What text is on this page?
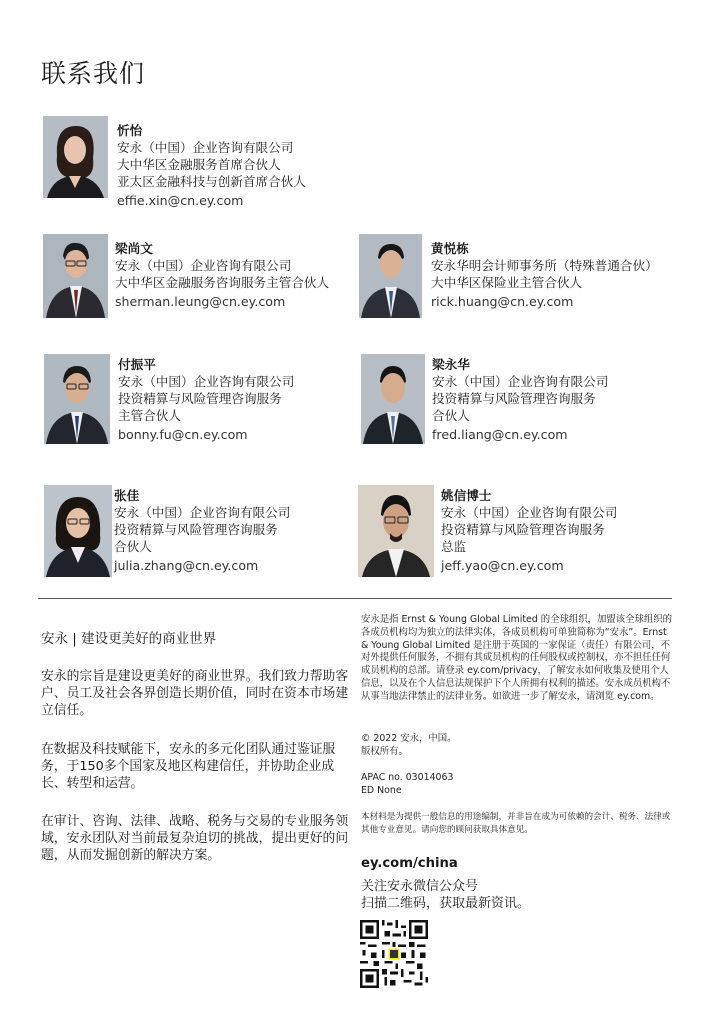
联系我们
忻怡
安永（中国）企业咨询有限公司
大中华区金融服务首席合伙人
亚太区金融科技与创新首席合伙人
effie.xin@cn.ey.com
梁尚文
安永（中国）企业咨询有限公司
大中华区金融服务咨询服务主管合伙人
sherman.leung@cn.ey.com
黄悦栋
安永华明会计师事务所（特殊普通合伙）
大中华区保险业主管合伙人
rick.huang@cn.ey.com
付振平
安永（中国）企业咨询有限公司
投资精算与风险管理咨询服务
主管合伙人
bonny.fu@cn.ey.com
梁永华
安永（中国）企业咨询有限公司
投资精算与风险管理咨询服务
合伙人
fred.liang@cn.ey.com
张佳
安永（中国）企业咨询有限公司
投资精算与风险管理咨询服务
合伙人
julia.zhang@cn.ey.com
姚信博士
安永（中国）企业咨询有限公司
投资精算与风险管理咨询服务
总监
jeff.yao@cn.ey.com
安永 | 建设更美好的商业世界
安永的宗旨是建设更美好的商业世界。我们致力帮助客户、员工及社会各界创造长期价值，同时在资本市场建立信任。
在数据及科技赋能下，安永的多元化团队通过鉴证服务，于150多个国家及地区构建信任，并协助企业成长、转型和运营。
在审计、咨询、法律、战略、税务与交易的专业服务领域，安永团队对当前最复杂迫切的挑战，提出更好的问题，从而发掘创新的解决方案。
安永是指 Ernst & Young Global Limited 的全球组织，加盟该全球组织的各成员机构均为独立的法律实体，各成员机构可单独简称为“安永”。Ernst & Young Global Limited 是注册于英国的一家保证（责任）有限公司，不对外提供任何服务，不拥有其成员机构的任何股权或控制权，亦不担任任何成员机构的总部。请登录 ey.com/privacy，了解安永如何收集及使用个人信息，以及在个人信息法规保护下个人所拥有权利的描述。安永成员机构不从事当地法律禁止的法律业务。如欲进一步了解安永，请浏览 ey.com。
© 2022 安永，中国。
版权所有。
APAC no. 03014063
ED None
本材料是为提供一般信息的用途编制，并非旨在成为可依赖的会计、税务、法律或其他专业意见。请向您的顾问获取具体意见。
ey.com/china
关注安永微信公众号
扫描二维码，获取最新资讯。
